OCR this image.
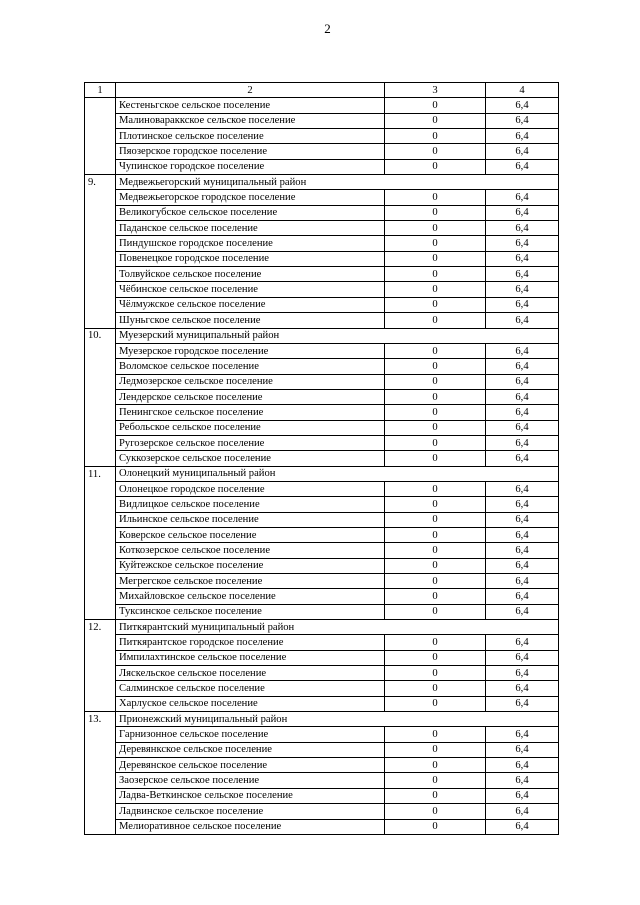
2
1	2	3	4
	Кестеньгское сельское поселение	0	6,4
	Малиновараккское сельское поселение	0	6,4
	Плотинское сельское поселение	0	6,4
	Пяозерское городское поселение	0	6,4
	Чупинское городское поселение	0	6,4
9.	Медвежьегорский муниципальный район		
	Медвежьегорское городское поселение	0	6,4
	Великогубское сельское поселение	0	6,4
	Паданское сельское поселение	0	6,4
	Пиндушское городское поселение	0	6,4
	Повенецкое городское поселение	0	6,4
	Толвуйское сельское поселение	0	6,4
	Чёбинское сельское поселение	0	6,4
	Чёлмужское сельское поселение	0	6,4
	Шуньгское сельское поселение	0	6,4
10.	Муезерский муниципальный район		
	Муезерское городское поселение	0	6,4
	Воломское сельское поселение	0	6,4
	Ледмозерское сельское поселение	0	6,4
	Лендерское сельское поселение	0	6,4
	Пенингское сельское поселение	0	6,4
	Ребольское сельское поселение	0	6,4
	Ругозерское сельское поселение	0	6,4
	Суккозерское сельское поселение	0	6,4
11.	Олонецкий муниципальный район		
	Олонецкое городское поселение	0	6,4
	Видлицкое сельское поселение	0	6,4
	Ильинское сельское поселение	0	6,4
	Коверское сельское поселение	0	6,4
	Коткозерское сельское поселение	0	6,4
	Куйтежское сельское поселение	0	6,4
	Мегрегское сельское поселение	0	6,4
	Михайловское сельское поселение	0	6,4
	Туксинское сельское поселение	0	6,4
12.	Питкярантский муниципальный район		
	Питкярантское городское поселение	0	6,4
	Импилахтинское сельское поселение	0	6,4
	Ляскельское сельское поселение	0	6,4
	Салминское сельское поселение	0	6,4
	Харлуское сельское поселение	0	6,4
13.	Прионежский муниципальный район		
	Гарнизонное сельское поселение	0	6,4
	Деревянкское сельское поселение	0	6,4
	Деревянское сельское поселение	0	6,4
	Заозерское сельское поселение	0	6,4
	Ладва-Веткинское сельское поселение	0	6,4
	Ладвинское сельское поселение	0	6,4
	Мелиоративное сельское поселение	0	6,4
